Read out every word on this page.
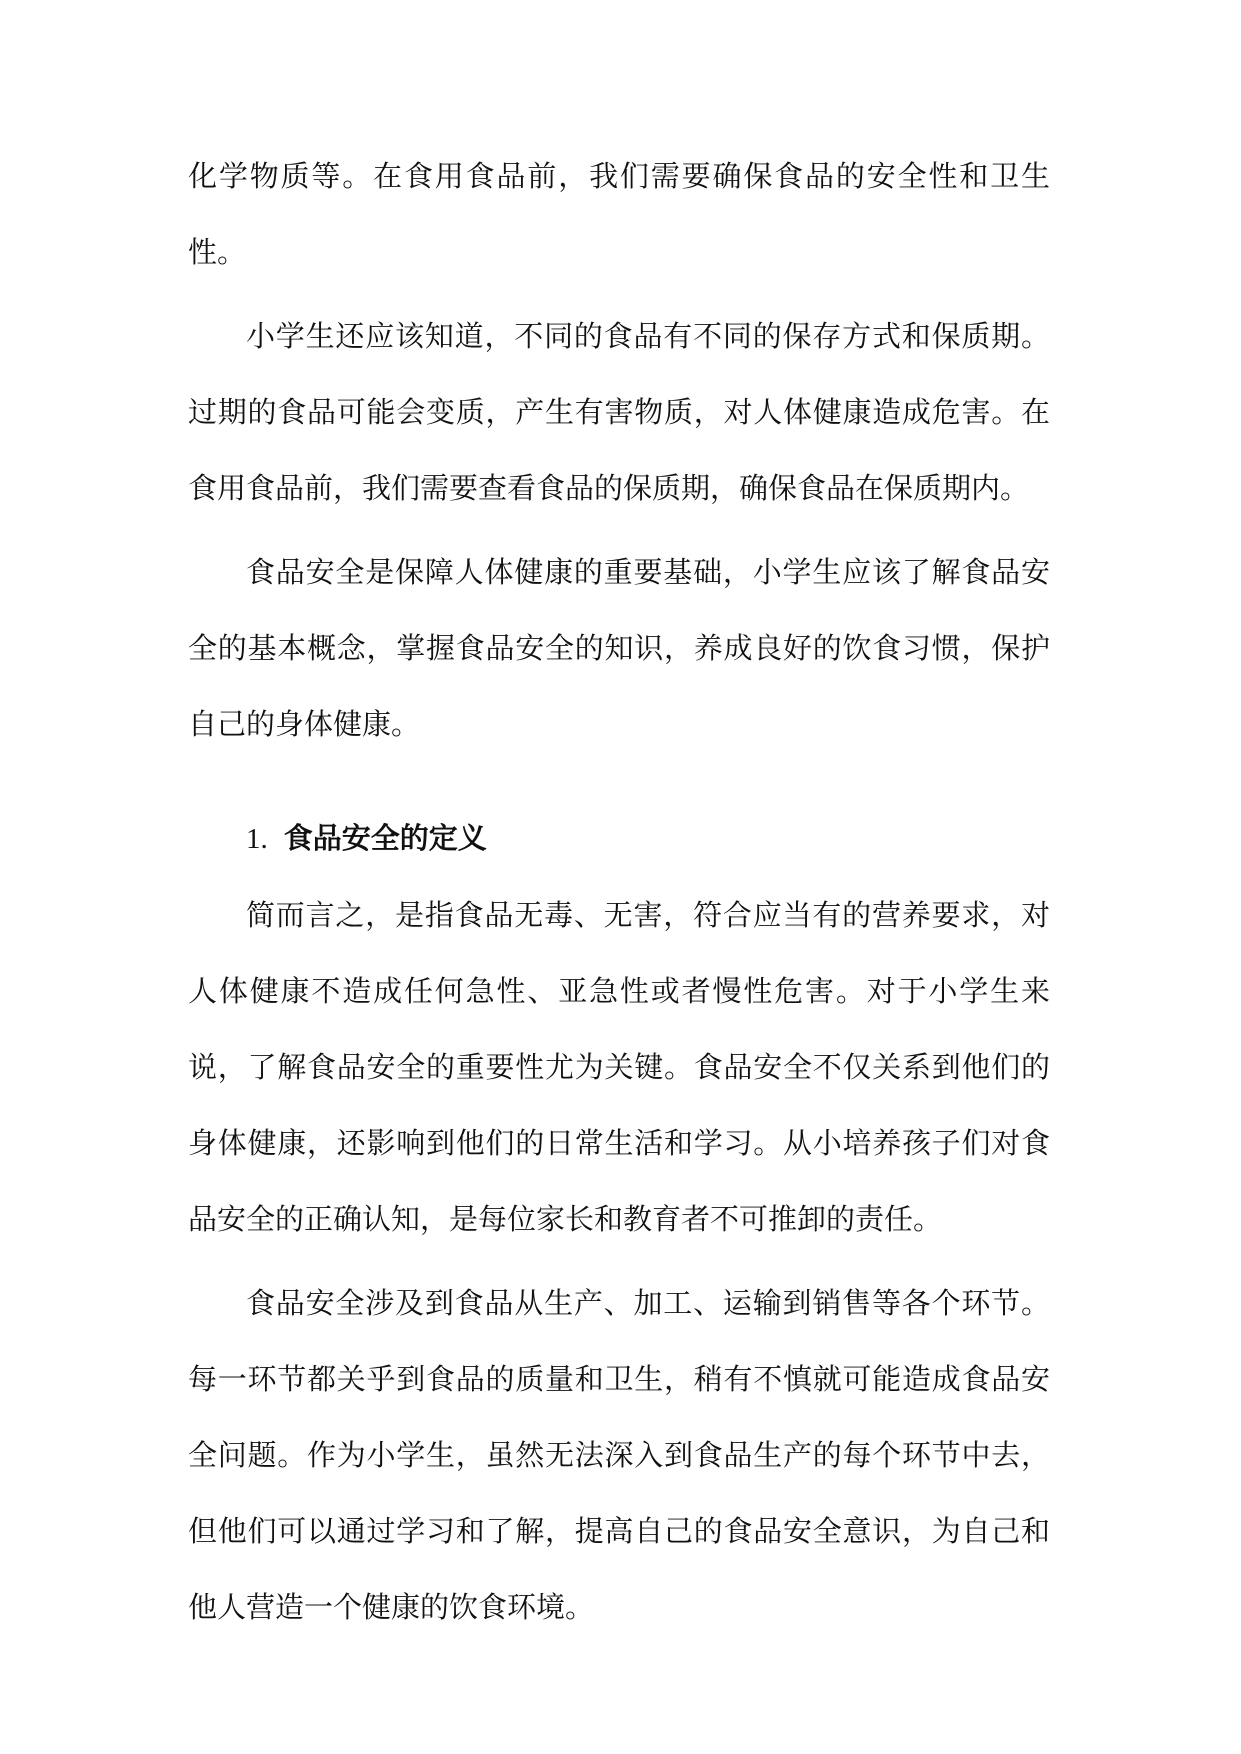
化学物质等。在食用食品前，我们需要确保食品的安全性和卫生性。

小学生还应该知道，不同的食品有不同的保存方式和保质期。过期的食品可能会变质，产生有害物质，对人体健康造成危害。在食用食品前，我们需要查看食品的保质期，确保食品在保质期内。

食品安全是保障人体健康的重要基础，小学生应该了解食品安全的基本概念，掌握食品安全的知识，养成良好的饮食习惯，保护自己的身体健康。

1. 食品安全的定义

简而言之，是指食品无毒、无害，符合应当有的营养要求，对人体健康不造成任何急性、亚急性或者慢性危害。对于小学生来说，了解食品安全的重要性尤为关键。食品安全不仅关系到他们的身体健康，还影响到他们的日常生活和学习。从小培养孩子们对食品安全的正确认知，是每位家长和教育者不可推卸的责任。

食品安全涉及到食品从生产、加工、运输到销售等各个环节。每一环节都关乎到食品的质量和卫生，稍有不慎就可能造成食品安全问题。作为小学生，虽然无法深入到食品生产的每个环节中去，但他们可以通过学习和了解，提高自己的食品安全意识，为自己和他人营造一个健康的饮食环境。
